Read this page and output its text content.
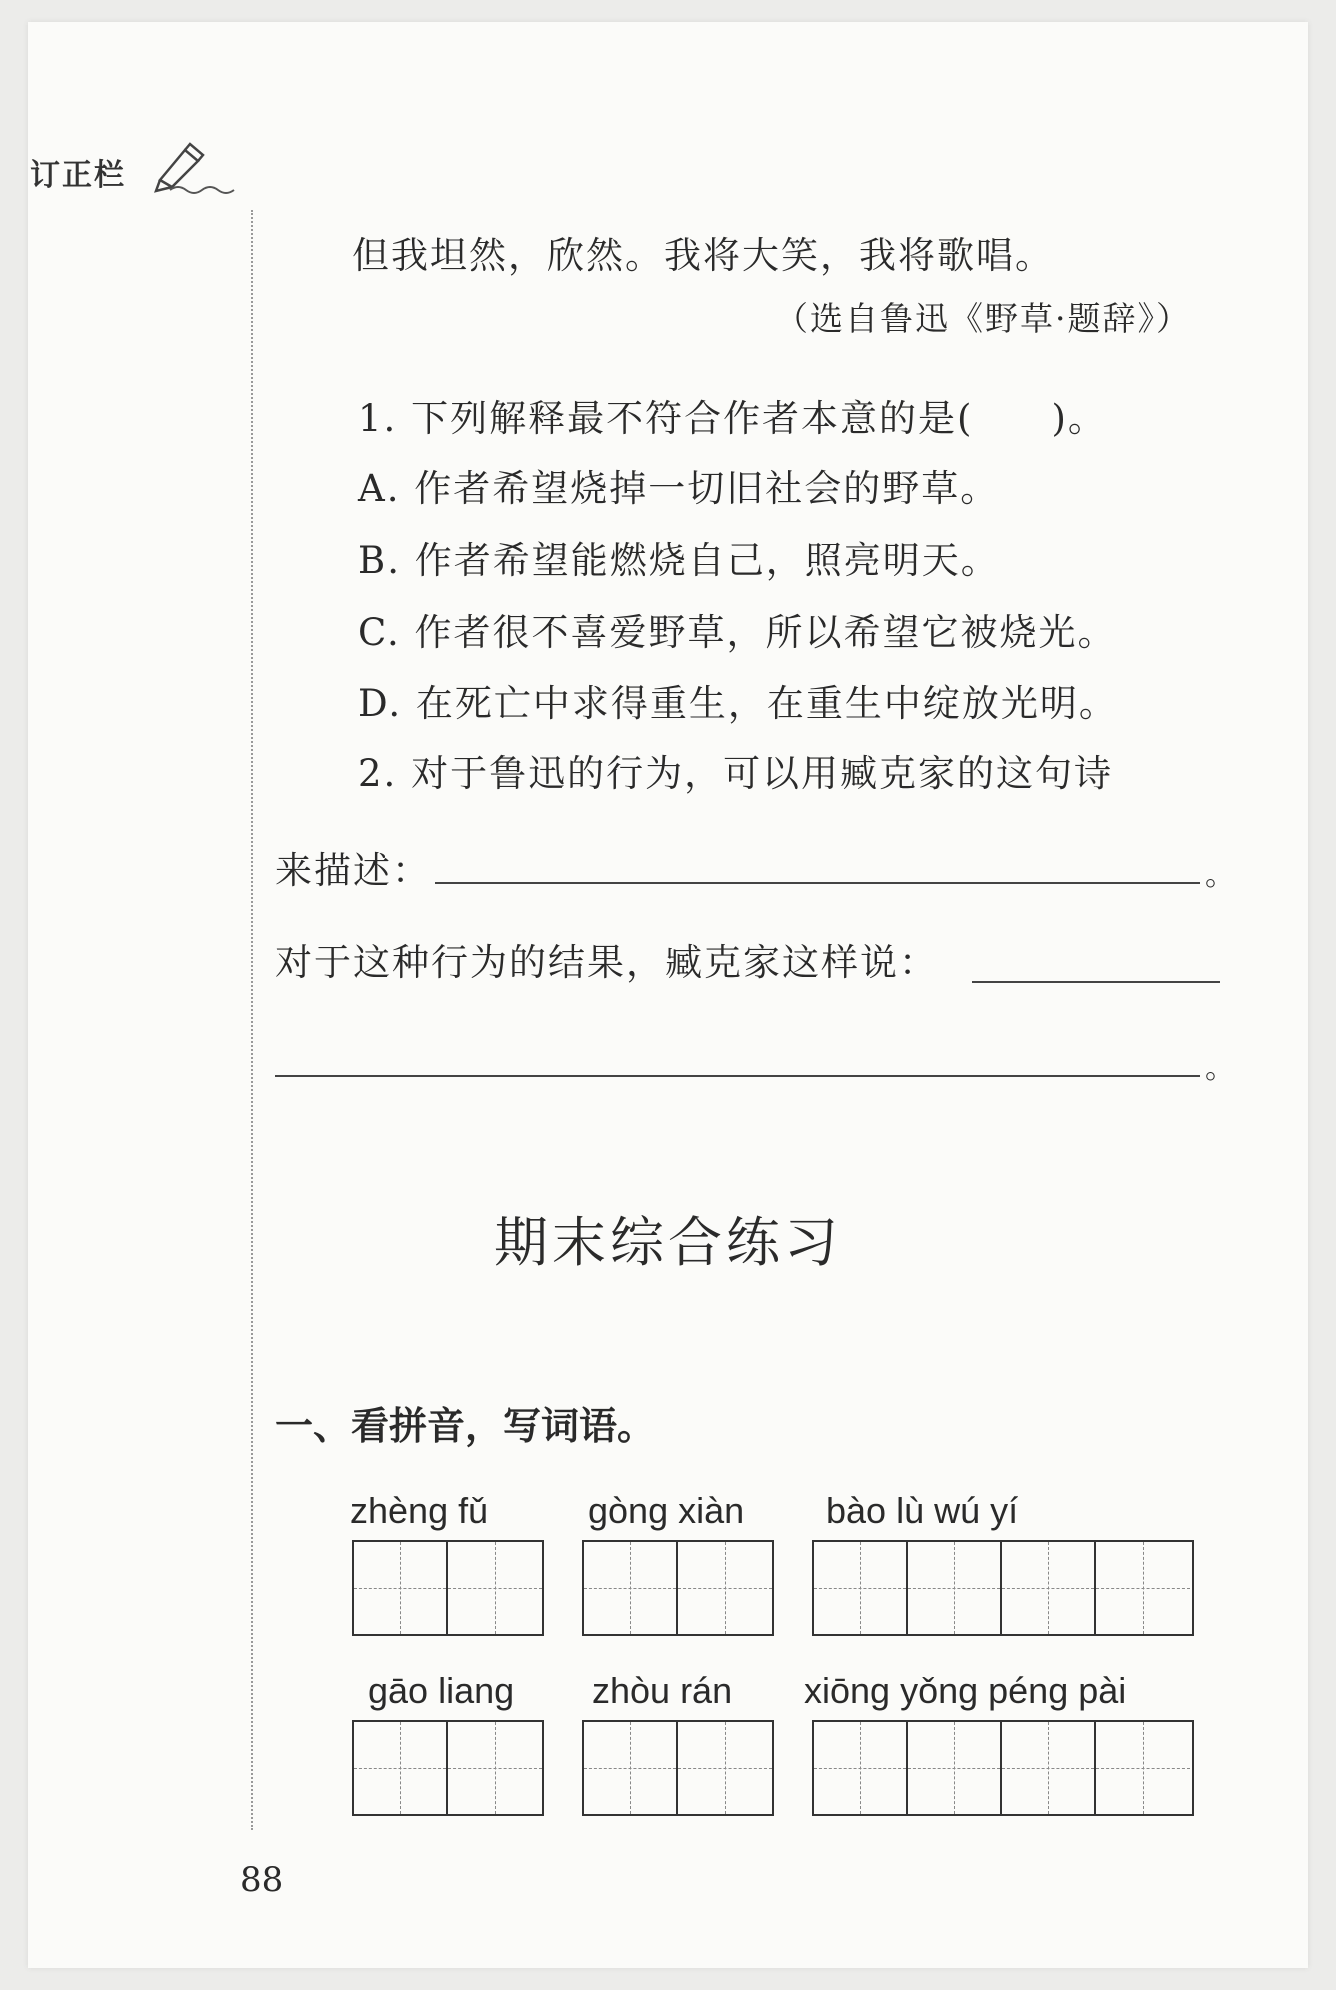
订正栏
但我坦然，欣然。我将大笑，我将歌唱。
（选自鲁迅《野草·题辞》）
1. 下列解释最不符合作者本意的是(　　)。
A. 作者希望烧掉一切旧社会的野草。
B. 作者希望能燃烧自己，照亮明天。
C. 作者很不喜爱野草，所以希望它被烧光。
D. 在死亡中求得重生，在重生中绽放光明。
2. 对于鲁迅的行为，可以用臧克家的这句诗
来描述：	。
对于这种行为的结果，臧克家这样说：
。
期末综合练习
一、看拼音，写词语。
zhèng fǔ	gòng xiàn bào lù wú yí
gāo liang zhòu rán xiōng yǒng péng pài
88
